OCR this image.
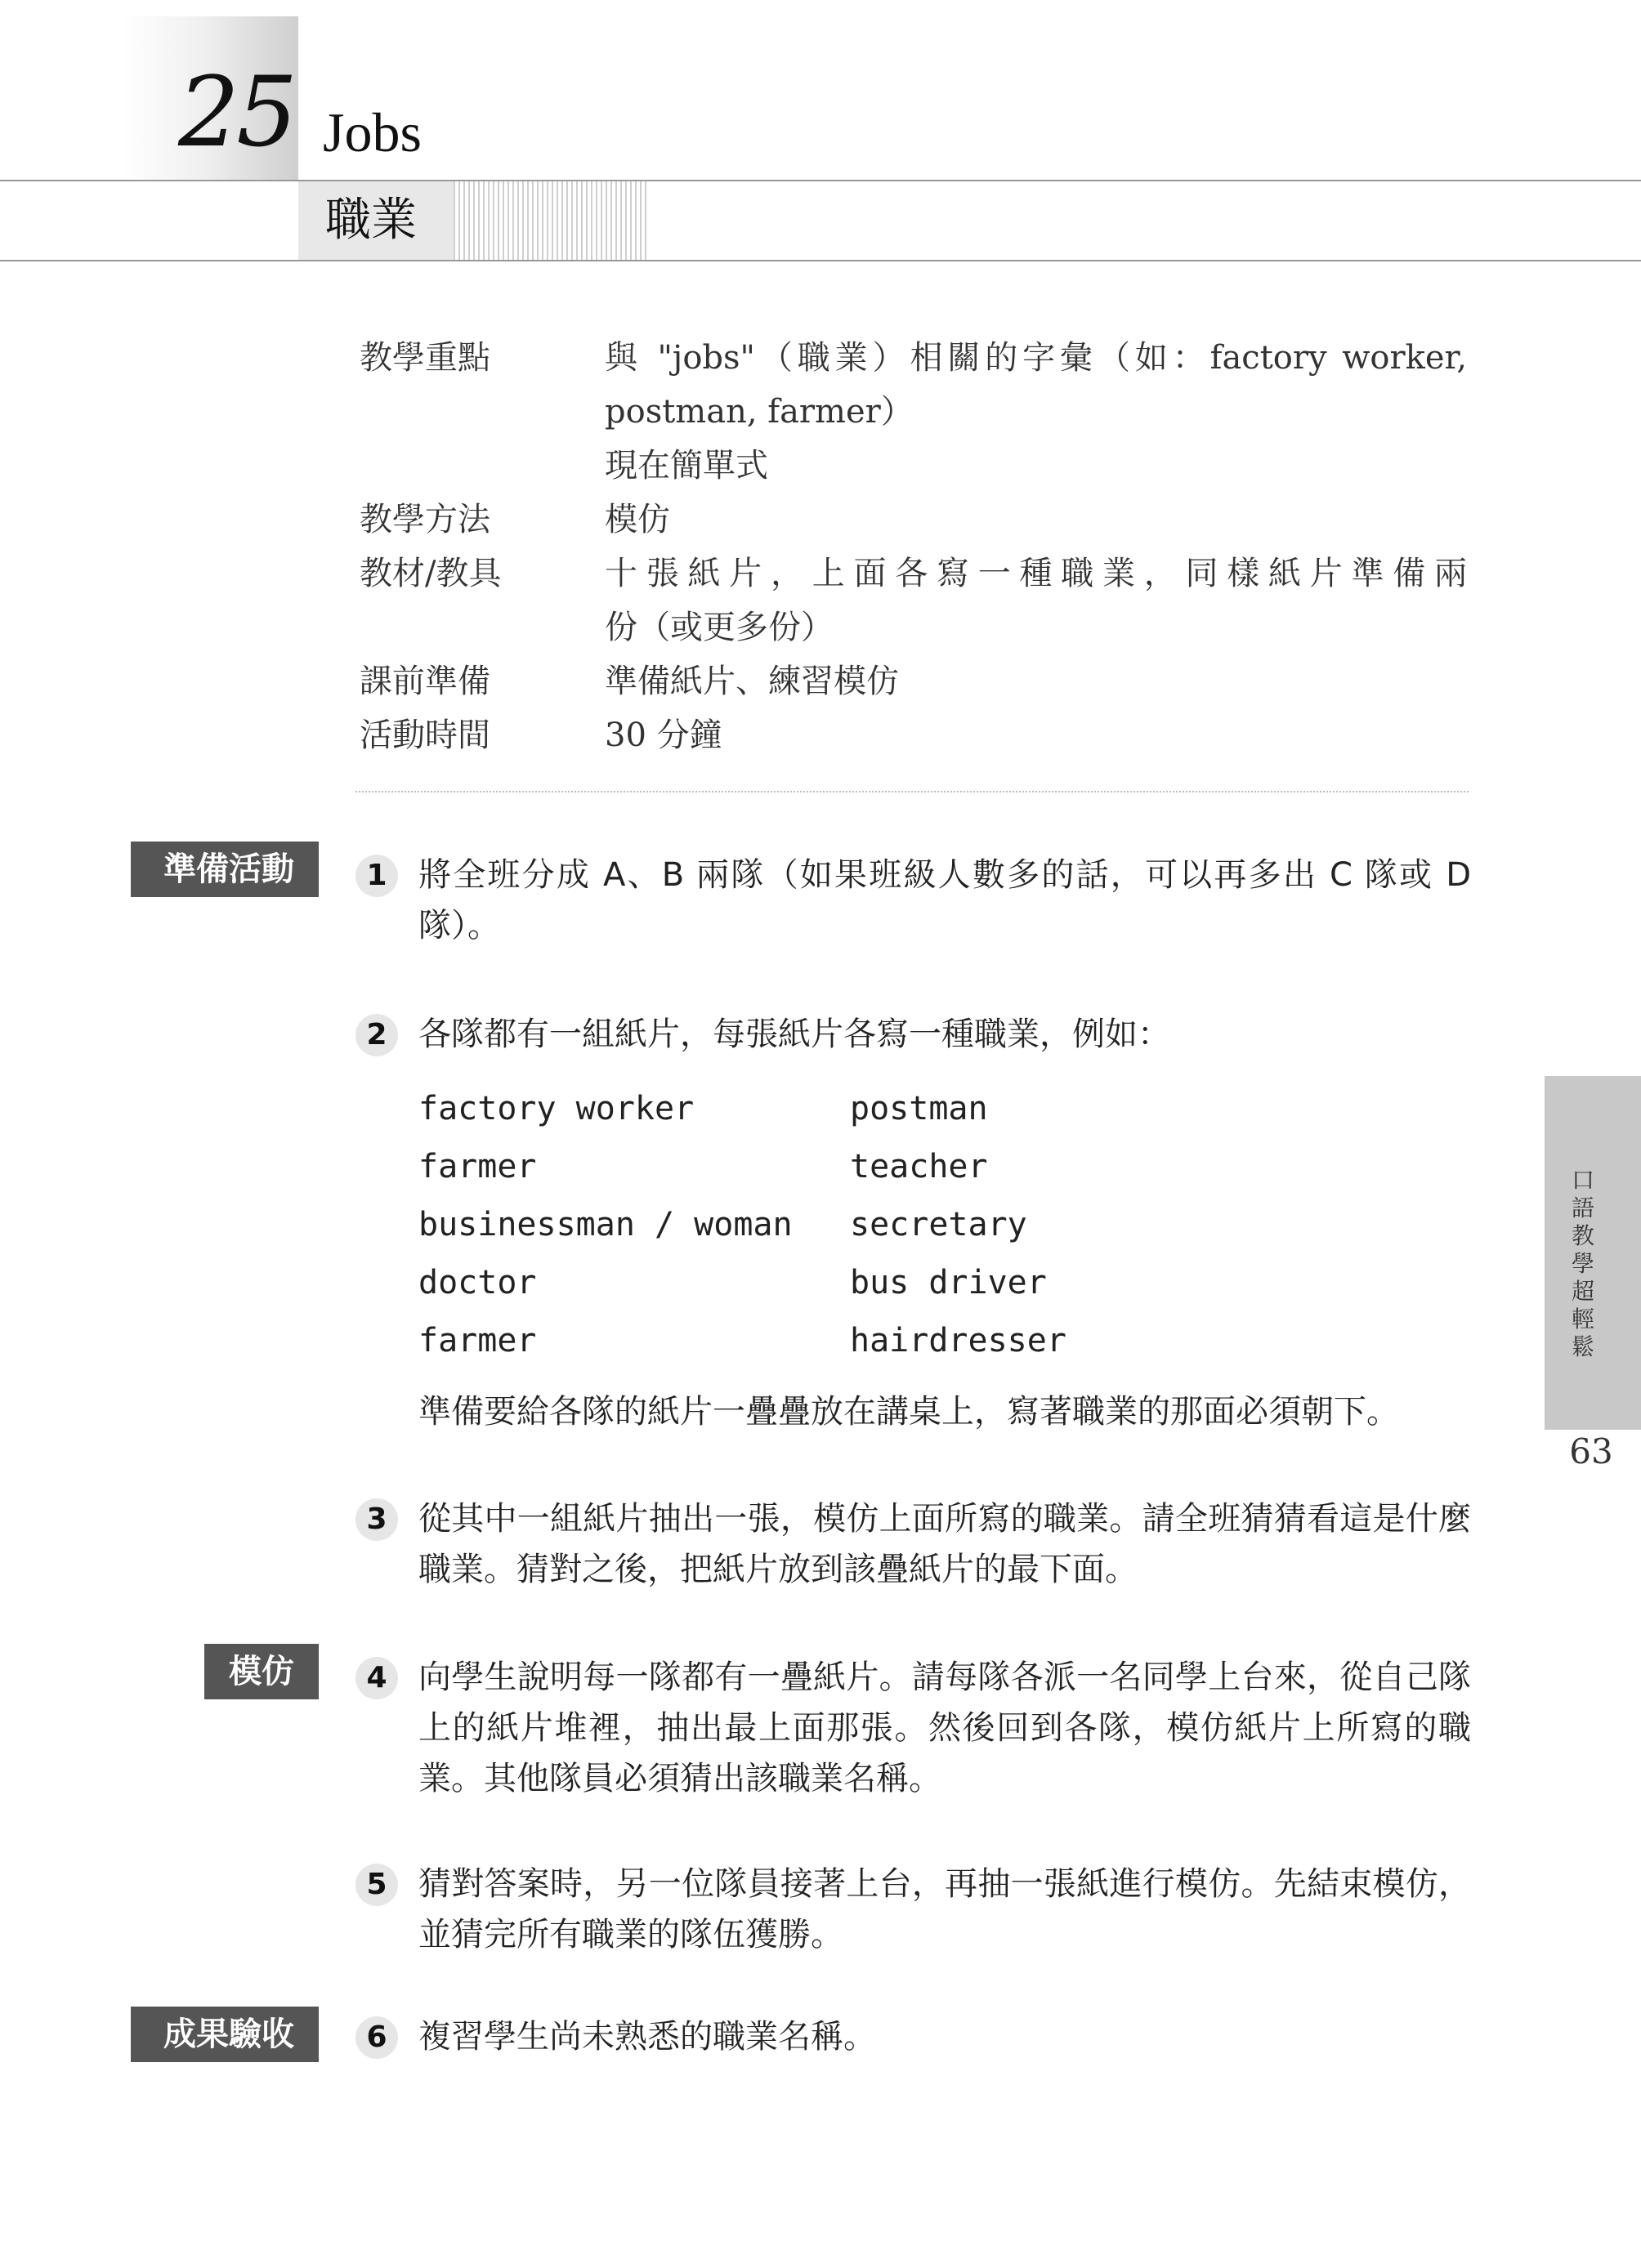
25 Jobs
職業
教學重點	與 "jobs"（職業）相關的字彙（如：factory worker,
postman, farmer）
現在簡單式
教學方法	模仿
教材/教具	十張紙片，上面各寫一種職業，同樣紙片準備兩
份（或更多份）
課前準備	準備紙片、練習模仿
活動時間	30 分鐘
準備活動
模仿
成果驗收
1 將全班分成 A、B 兩隊（如果班級人數多的話，可以再多出 C 隊或 D 隊）。
2 各隊都有一組紙片，每張紙片各寫一種職業，例如：
factory worker	postman
farmer	teacher
businessman / woman	secretary
doctor	bus driver
farmer	hairdresser
準備要給各隊的紙片一疊疊放在講桌上，寫著職業的那面必須朝下。
3 從其中一組紙片抽出一張，模仿上面所寫的職業。請全班猜猜看這是什麼職業。猜對之後，把紙片放到該疊紙片的最下面。
4 向學生說明每一隊都有一疊紙片。請每隊各派一名同學上台來，從自己隊上的紙片堆裡，抽出最上面那張。然後回到各隊，模仿紙片上所寫的職業。其他隊員必須猜出該職業名稱。
5 猜對答案時，另一位隊員接著上台，再抽一張紙進行模仿。先結束模仿，並猜完所有職業的隊伍獲勝。
6 複習學生尚未熟悉的職業名稱。
口
語
教
學
超
輕
鬆
63
